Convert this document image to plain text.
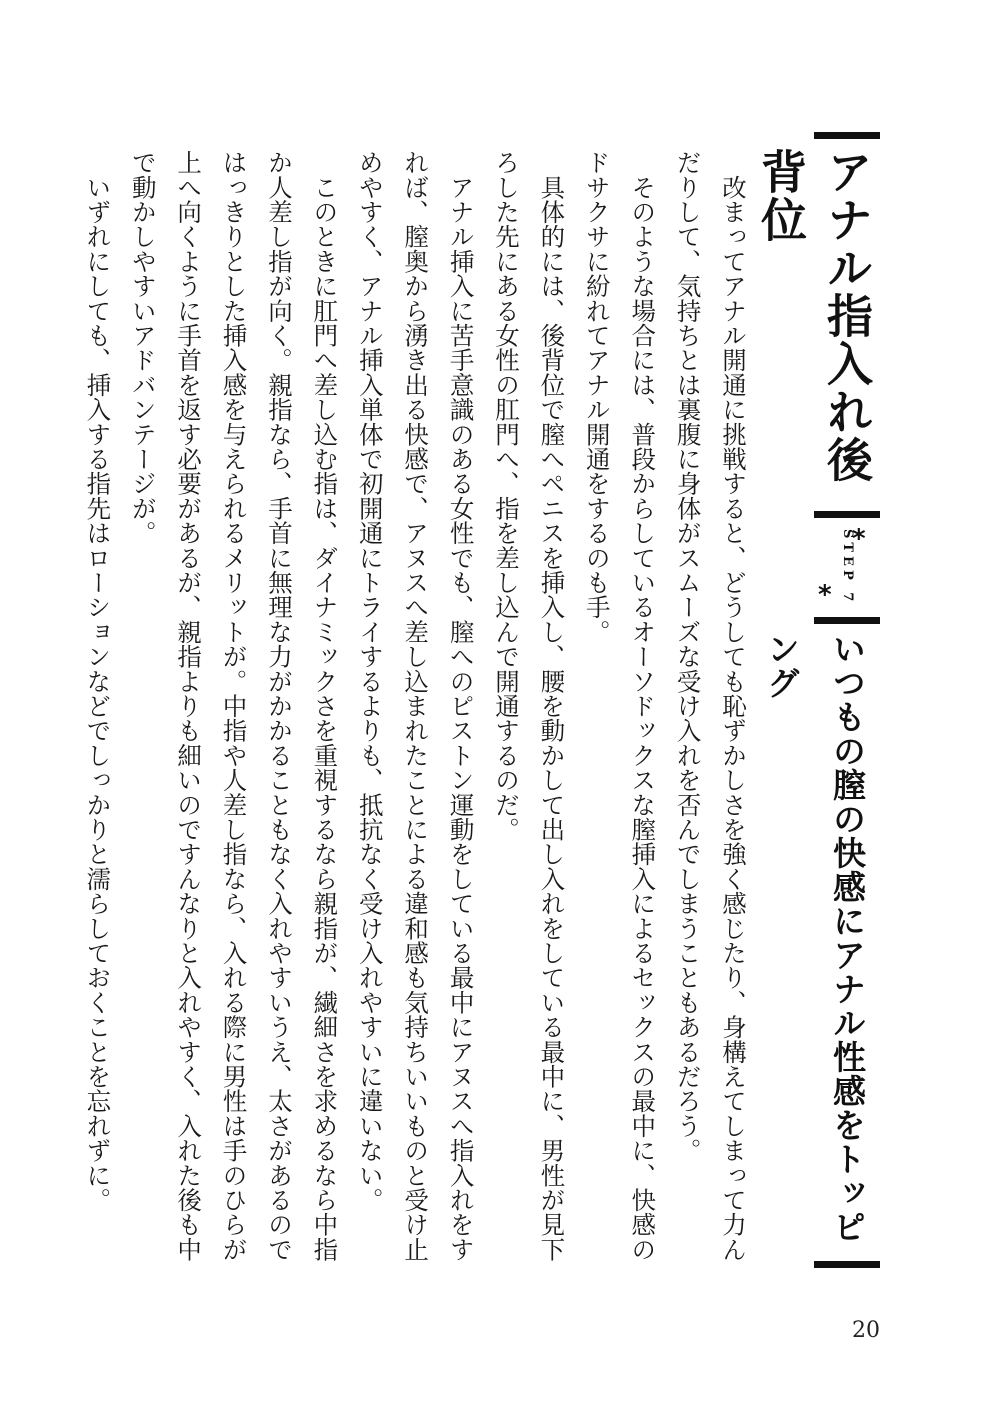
アナル指入れ後背位
*
STEP 7
*
いつもの膣の快感にアナル性感をトッピング

　改まってアナル開通に挑戦すると、どうしても恥ずかしさを強く感じたり、身構えてしまって力んだりして、気持ちとは裏腹に身体がスムーズな受け入れを否んでしまうこともあるだろう。

　そのような場合には、普段からしているオーソドックスな膣挿入によるセックスの最中に、快感のドサクサに紛れてアナル開通をするのも手。

　具体的には、後背位で膣へペニスを挿入し、腰を動かして出し入れをしている最中に、男性が見下ろした先にある女性の肛門へ、指を差し込んで開通するのだ。

　アナル挿入に苦手意識のある女性でも、膣へのピストン運動をしている最中にアヌスへ指入れをすれば、膣奥から湧き出る快感で、アヌスへ差し込まれたことによる違和感も気持ちいいものと受け止めやすく、アナル挿入単体で初開通にトライするよりも、抵抗なく受け入れやすいに違いない。

　このときに肛門へ差し込む指は、ダイナミックさを重視するなら親指が、繊細さを求めるなら中指か人差し指が向く。親指なら、手首に無理な力がかかることもなく入れやすいうえ、太さがあるのではっきりとした挿入感を与えられるメリットが。中指や人差し指なら、入れる際に男性は手のひらが上へ向くように手首を返す必要があるが、親指よりも細いのですんなりと入れやすく、入れた後も中で動かしやすいアドバンテージが。

　いずれにしても、挿入する指先はローションなどでしっかりと濡らしておくことを忘れずに。

20
